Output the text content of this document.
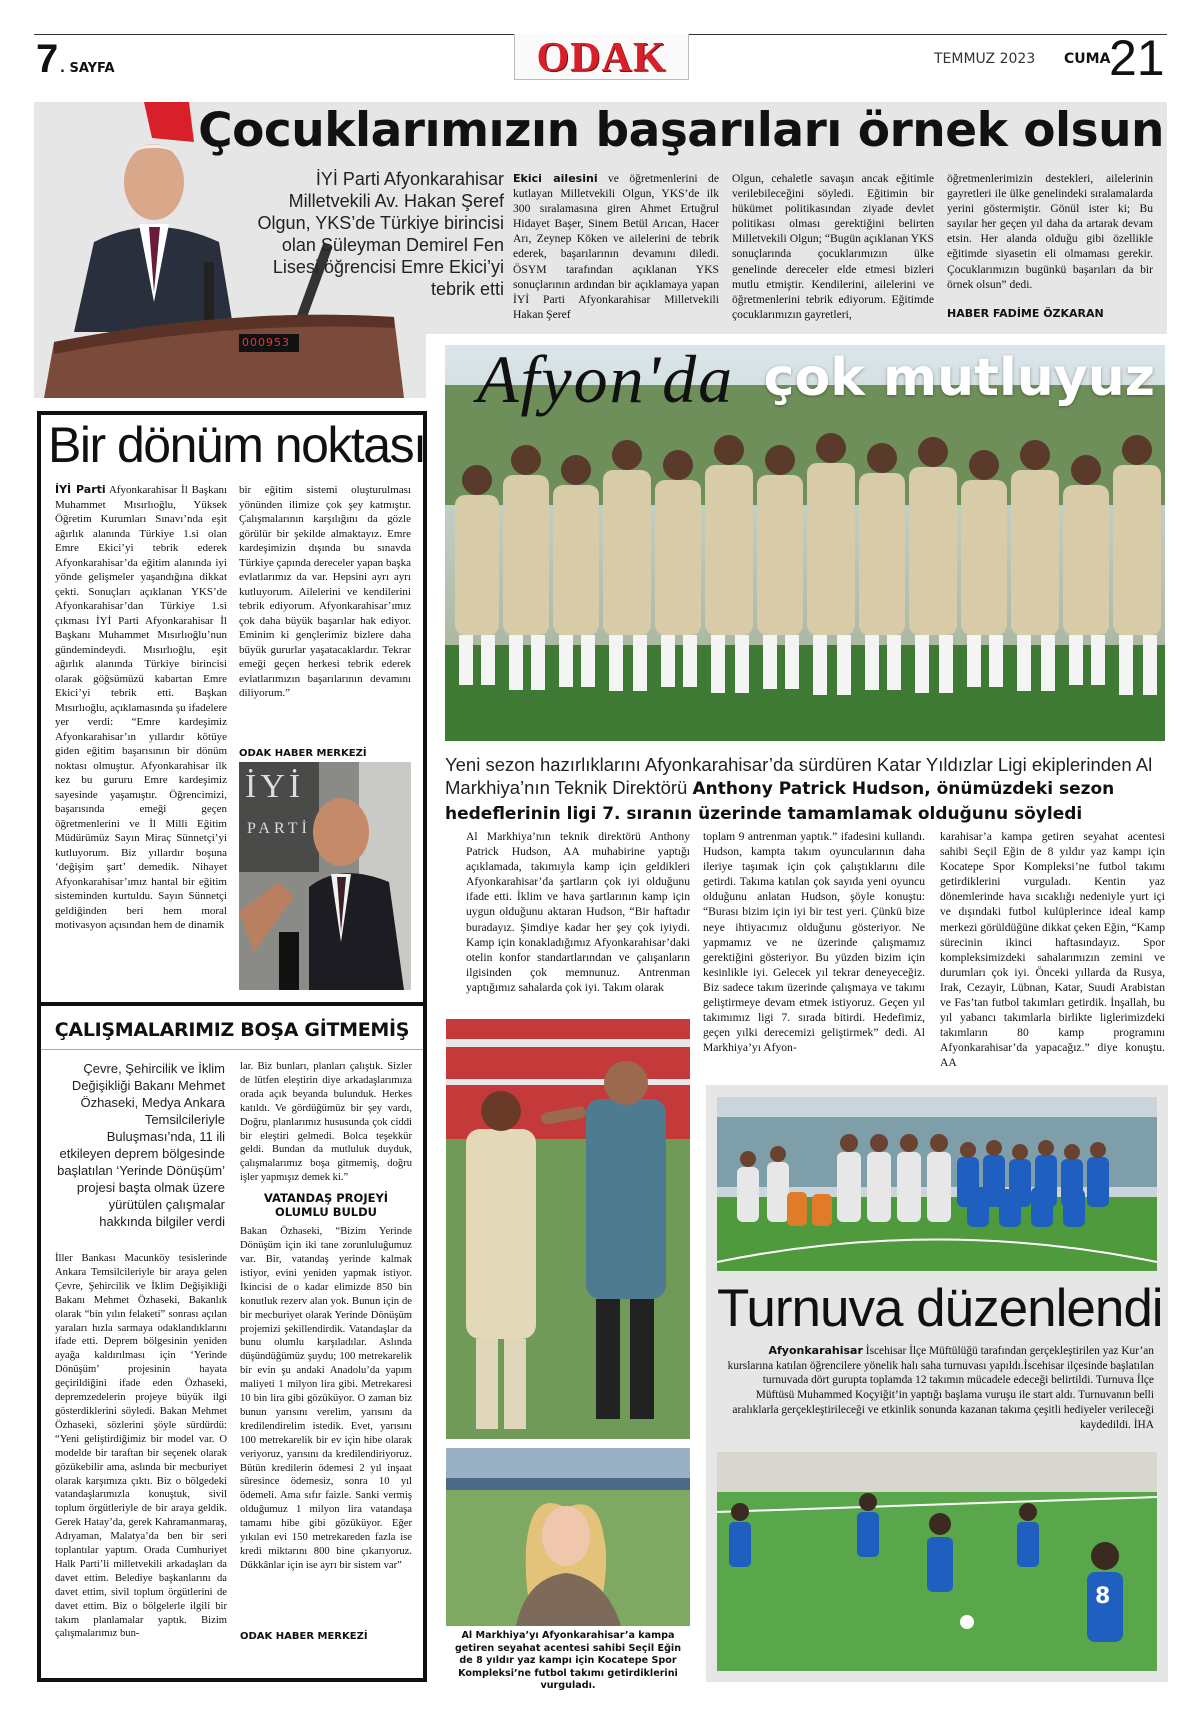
7 . SAYFA	ODAK	TEMMUZ 2023 CUMA
21
000953
Çocuklarımızın başarıları örnek olsun
İYİ Parti Afyonkarahisar Milletvekili Av. Hakan Şeref Olgun, YKS’de Türkiye birincisi olan Süleyman Demirel Fen Lisesi öğrencisi Emre Ekici’yi tebrik etti
Ekici ailesini ve öğretmenlerini de kutlayan Milletvekili Olgun, YKS’de ilk 300 sıralamasına giren Ahmet Ertuğrul Hidayet Başer, Sinem Betül Arıcan, Hacer Arı, Zeynep Köken ve ailelerini de tebrik ederek, başarılarının devamını diledi. ÖSYM tarafından açıklanan YKS sonuçlarının ardından bir açıklamaya yapan İYİ Parti Afyonkarahisar Milletvekili Hakan Şeref
Olgun, cehaletle savaşın ancak eğitimle verilebileceğini söyledi. Eğitimin bir hükümet politikasından ziyade devlet politikası olması gerektiğini belirten Milletvekili Olgun; “Bugün açıklanan YKS sonuçlarında çocuklarımızın ülke genelinde dereceler elde etmesi bizleri mutlu etmiştir. Kendilerini, ailelerini ve öğretmenlerini tebrik ediyorum. Eğitimde çocuklarımızın gayretleri,
öğretmenlerimizin destekleri, ailelerinin gayretleri ile ülke genelindeki sıralamalarda yerini göstermiştir. Gönül ister ki; Bu sayılar her geçen yıl daha da artarak devam etsin. Her alanda olduğu gibi özellikle eğitimde siyasetin eli olmaması gerekir. Çocuklarımızın bugünkü başarıları da bir örnek olsun” dedi.
HABER FADİME ÖZKARAN
Bir dönüm noktası
İYİ Parti Afyonkarahisar İl Başkanı Muhammet Mısırlıoğlu, Yüksek Öğretim Kurumları Sınavı’nda eşit ağırlık alanında Türkiye 1.si olan Emre Ekici’yi tebrik ederek Afyonkarahisar’da eğitim alanında iyi yönde gelişmeler yaşandığına dikkat çekti. Sonuçları açıklanan YKS’de Afyonkarahisar’dan Türkiye 1.si çıkması İYİ Parti Afyonkarahisar İl Başkanı Muhammet Mısırlıoğlu’nun gündemindeydi. Mısırlıoğlu, eşit ağırlık alanında Türkiye birincisi olarak göğsümüzü kabartan Emre Ekici’yi tebrik etti. Başkan Mısırlıoğlu, açıklamasında şu ifadelere yer verdi: “Emre kardeşimiz Afyonkarahisar’ın yıllardır kötüye giden eğitim başarısının bir dönüm noktası olmuştur. Afyonkarahisar ilk kez bu gururu Emre kardeşimiz sayesinde yaşamıştır. Öğrencimizi, başarısında emeği geçen öğretmenlerini ve İl Milli Eğitim Müdürümüz Sayın Miraç Sünnetçi’yi kutluyorum. Biz yıllardır boşuna ‘değişim şart’ demedik. Nihayet Afyonkarahisar’ımız hantal bir eğitim sisteminden kurtuldu. Sayın Sünnetçi geldiğinden beri hem moral motivasyon açısından hem de dinamik
İYİ
PARTİ
bir eğitim sistemi oluşturulması yönünden ilimize çok şey katmıştır. Çalışmalarının karşılığını da gözle görülür bir şekilde almaktayız. Emre kardeşimizin dışında bu sınavda Türkiye çapında dereceler yapan başka evlatlarımız da var. Hepsini ayrı ayrı kutluyorum. Ailelerini ve kendilerini tebrik ediyorum. Afyonkarahisar’ımız çok daha büyük başarılar hak ediyor. Eminim ki gençlerimiz bizlere daha büyük gururlar yaşatacaklardır. Tekrar emeği geçen herkesi tebrik ederek evlatlarımızın başarılarının devamını diliyorum.”
ODAK HABER MERKEZİ
ÇALIŞMALARIMIZ BOŞA GİTMEMİŞ
Çevre, Şehircilik ve İklim Değişikliği Bakanı Mehmet Özhaseki, Medya Ankara Temsilcileriyle Buluşması’nda, 11 ili etkileyen deprem bölgesinde başlatılan ‘Yerinde Dönüşüm’ projesi başta olmak üzere yürütülen çalışmalar hakkında bilgiler verdi
İller Bankası Macunköy tesislerinde Ankara Temsilcileriyle bir araya gelen Çevre, Şehircilik ve İklim Değişikliği Bakanı Mehmet Özhaseki, Bakanlık olarak “bin yılın felaketi” sonrası açılan yaraları hızla sarmaya odaklandıklarını ifade etti. Deprem bölgesinin yeniden ayağa kaldırılması için ‘Yerinde Dönüşüm’ projesinin hayata geçirildiğini ifade eden Özhaseki, depremzedelerin projeye büyük ilgi gösterdiklerini söyledi. Bakan Mehmet Özhaseki, sözlerini şöyle sürdürdü: “Yeni geliştirdiğimiz bir model var. O modelde bir taraftan bir seçenek olarak gözükebilir ama, aslında bir mecburiyet olarak karşımıza çıktı. Biz o bölgedeki vatandaşlarımızla konuştuk, sivil toplum örgütleriyle de bir araya geldik. Gerek Hatay’da, gerek Kahramanmaraş, Adıyaman, Malatya’da ben bir seri toplantılar yaptım. Orada Cumhuriyet Halk Parti’li milletvekili arkadaşları da davet ettim. Belediye başkanlarını da davet ettim, sivil toplum örgütlerini de davet ettim. Biz o bölgelerle ilgili bir takım planlamalar yaptık. Bizim çalışmalarımız bun-
lar. Biz bunları, planları çalıştık. Sizler de lütfen eleştirin diye arkadaşlarımıza orada açık beyanda bulunduk. Herkes katıldı. Ve gördüğümüz bir şey vardı, Doğru, planlarımız hususunda çok ciddi bir eleştiri gelmedi. Bolca teşekkür geldi. Bundan da mutluluk duyduk, çalışmalarımız boşa gitmemiş, doğru işler yapmışız demek ki.”
VATANDAŞ PROJEYİ OLUMLU BULDU
Bakan Özhaseki, “Bizim Yerinde Dönüşüm için iki tane zorunluluğumuz var. Bir, vatandaş yerinde kalmak istiyor, evini yeniden yapmak istiyor. İkincisi de o kadar elimizde 850 bin konutluk rezerv alan yok. Bunun için de bir mecburiyet olarak Yerinde Dönüşüm projemizi şekillendirdik. Vatandaşlar da bunu olumlu karşıladılar. Aslında düşündüğümüz şuydu; 100 metrekarelik bir evin şu andaki Anadolu’da yapım maliyeti 1 milyon lira gibi. Metrekaresi 10 bin lira gibi gözüküyor. O zaman biz bunun yarısını verelim, yarısını da kredilendirelim istedik. Evet, yarısını 100 metrekarelik bir ev için hibe olarak veriyoruz, yarısını da kredilendiriyoruz. Bütün kredilerin ödemesi 2 yıl inşaat süresince ödemesiz, sonra 10 yıl ödemeli. Ama sıfır faizle. Sanki vermiş olduğumuz 1 milyon lira vatandaşa tamamı hibe gibi gözüküyor. Eğer yıkılan evi 150 metrekareden fazla ise kredi miktarını 800 bine çıkarıyoruz. Dükkânlar için ise ayrı bir sistem var”
ODAK HABER MERKEZİ
Afyon'da çok mutluyuz
Yeni sezon hazırlıklarını Afyonkarahisar’da sürdüren Katar Yıldızlar Ligi ekiplerinden Al Markhiya’nın Teknik Direktörü Anthony Patrick Hudson, önümüzdeki sezon hedeflerinin ligi 7. sıranın üzerinde tamamlamak olduğunu söyledi
Al Markhiya’nın teknik direktörü Anthony Patrick Hudson, AA muhabirine yaptığı açıklamada, takımıyla kamp için geldikleri Afyonkarahisar’da şartların çok iyi olduğunu ifade etti. İklim ve hava şartlarının kamp için uygun olduğunu aktaran Hudson, “Bir haftadır buradayız. Şimdiye kadar her şey çok iyiydi. Kamp için konakladığımız Afyonkarahisar’daki otelin konfor standartlarından ve çalışanların ilgisinden çok memnunuz. Antrenman yaptığımız sahalarda çok iyi. Takım olarak
toplam 9 antrenman yaptık.” ifadesini kullandı. Hudson, kampta takım oyuncularının daha ileriye taşımak için çok çalıştıklarını dile getirdi. Takıma katılan çok sayıda yeni oyuncu olduğunu anlatan Hudson, şöyle konuştu: “Burası bizim için iyi bir test yeri. Çünkü bize neye ihtiyacımız olduğunu gösteriyor. Ne yapmamız ve ne üzerinde çalışmamız gerektiğini gösteriyor. Bu yüzden bizim için kesinlikle iyi. Gelecek yıl tekrar deneyeceğiz. Biz sadece takım üzerinde çalışmaya ve takımı geliştirmeye devam etmek istiyoruz. Geçen yıl takımımız ligi 7. sırada bitirdi. Hedefimiz, geçen yılki derecemizi geliştirmek” dedi. Al Markhiya’yı Afyon-
karahisar’a kampa getiren seyahat acentesi sahibi Seçil Eğin de 8 yıldır yaz kampı için Kocatepe Spor Kompleksi’ne futbol takımı getirdiklerini vurguladı. Kentin yaz dönemlerinde hava sıcaklığı nedeniyle yurt içi ve dışındaki futbol kulüplerince ideal kamp merkezi görüldüğüne dikkat çeken Eğin, “Kamp sürecinin ikinci haftasındayız. Spor kompleksimizdeki sahalarımızın zemini ve durumları çok iyi. Önceki yıllarda da Rusya, Irak, Cezayir, Lübnan, Katar, Suudi Arabistan ve Fas’tan futbol takımları getirdik. İnşallah, bu yıl yabancı takımlarla birlikte liglerimizdeki takımların 80 kamp programını Afyonkarahisar’da yapacağız.” diye konuştu. AA
Al Markhiya’yı Afyonkarahisar’a kampa getiren seyahat acentesi sahibi Seçil Eğin de 8 yıldır yaz kampı için Kocatepe Spor Kompleksi’ne futbol takımı getirdiklerini vurguladı.
Turnuva düzenlendi
Afyonkarahisar İscehisar İlçe Müftülüğü tarafından gerçekleştirilen yaz Kur’an kurslarına katılan öğrencilere yönelik halı saha turnuvası yapıldı.İscehisar ilçesinde başlatılan turnuvada dört gurupta toplamda 12 takımın mücadele edeceği belirtildi. Turnuva İlçe Müftüsü Muhammed Koçyiğit’in yaptığı başlama vuruşu ile start aldı. Turnuvanın belli aralıklarla gerçekleştirileceği ve etkinlik sonunda kazanan takıma çeşitli hediyeler verileceği kaydedildi. İHA
8
